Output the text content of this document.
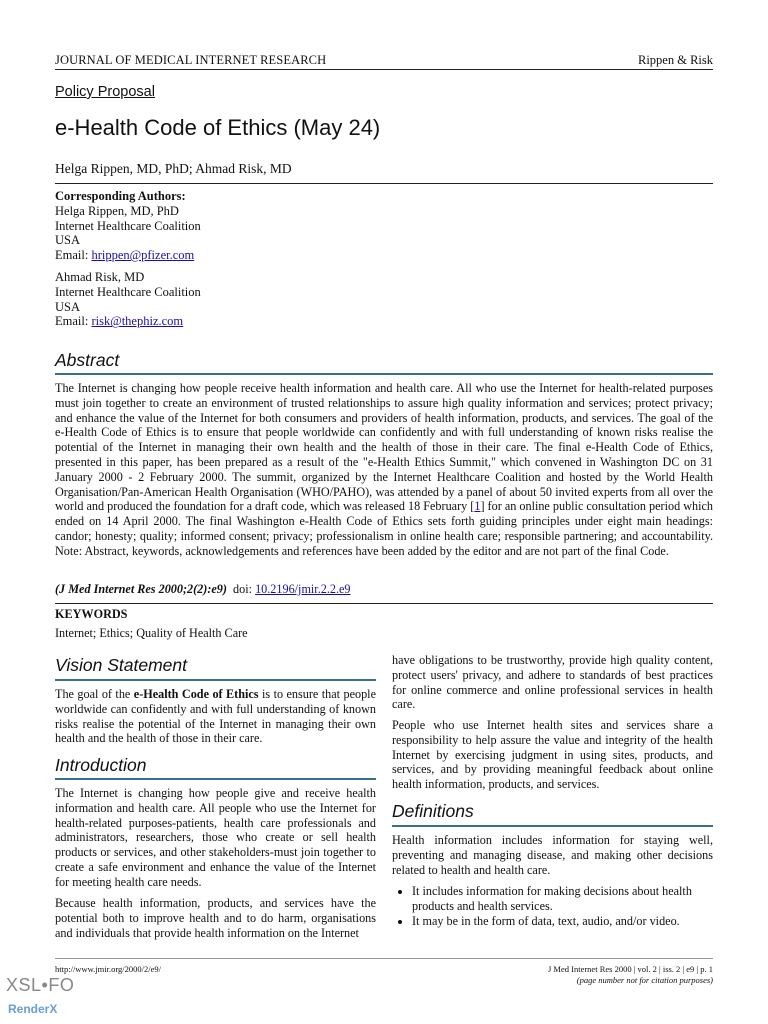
JOURNAL OF MEDICAL INTERNET RESEARCH	Rippen & Risk
Policy Proposal
e-Health Code of Ethics (May 24)
Helga Rippen, MD, PhD; Ahmad Risk, MD
Corresponding Authors:
Helga Rippen, MD, PhD
Internet Healthcare Coalition
USA
Email: hrippen@pfizer.com
Ahmad Risk, MD
Internet Healthcare Coalition
USA
Email: risk@thephiz.com
Abstract
The Internet is changing how people receive health information and health care. All who use the Internet for health-related purposes must join together to create an environment of trusted relationships to assure high quality information and services; protect privacy; and enhance the value of the Internet for both consumers and providers of health information, products, and services. The goal of the e-Health Code of Ethics is to ensure that people worldwide can confidently and with full understanding of known risks realise the potential of the Internet in managing their own health and the health of those in their care. The final e-Health Code of Ethics, presented in this paper, has been prepared as a result of the "e-Health Ethics Summit," which convened in Washington DC on 31 January 2000 - 2 February 2000. The summit, organized by the Internet Healthcare Coalition and hosted by the World Health Organisation/Pan-American Health Organisation (WHO/PAHO), was attended by a panel of about 50 invited experts from all over the world and produced the foundation for a draft code, which was released 18 February [1] for an online public consultation period which ended on 14 April 2000. The final Washington e-Health Code of Ethics sets forth guiding principles under eight main headings: candor; honesty; quality; informed consent; privacy; professionalism in online health care; responsible partnering; and accountability. Note: Abstract, keywords, acknowledgements and references have been added by the editor and are not part of the final Code.
(J Med Internet Res 2000;2(2):e9) doi: 10.2196/jmir.2.2.e9
KEYWORDS
Internet; Ethics; Quality of Health Care
Vision Statement
The goal of the e-Health Code of Ethics is to ensure that people worldwide can confidently and with full understanding of known risks realise the potential of the Internet in managing their own health and the health of those in their care.
Introduction
The Internet is changing how people give and receive health information and health care. All people who use the Internet for health-related purposes-patients, health care professionals and administrators, researchers, those who create or sell health products or services, and other stakeholders-must join together to create a safe environment and enhance the value of the Internet for meeting health care needs.
Because health information, products, and services have the potential both to improve health and to do harm, organisations and individuals that provide health information on the Internet
have obligations to be trustworthy, provide high quality content, protect users' privacy, and adhere to standards of best practices for online commerce and online professional services in health care.
People who use Internet health sites and services share a responsibility to help assure the value and integrity of the health Internet by exercising judgment in using sites, products, and services, and by providing meaningful feedback about online health information, products, and services.
Definitions
Health information includes information for staying well, preventing and managing disease, and making other decisions related to health and health care.
• It includes information for making decisions about health products and health services.
• It may be in the form of data, text, audio, and/or video.
http://www.jmir.org/2000/2/e9/	J Med Internet Res 2000 | vol. 2 | iss. 2 | e9 | p. 1
(page number not for citation purposes)
XSL•FO
RenderX
